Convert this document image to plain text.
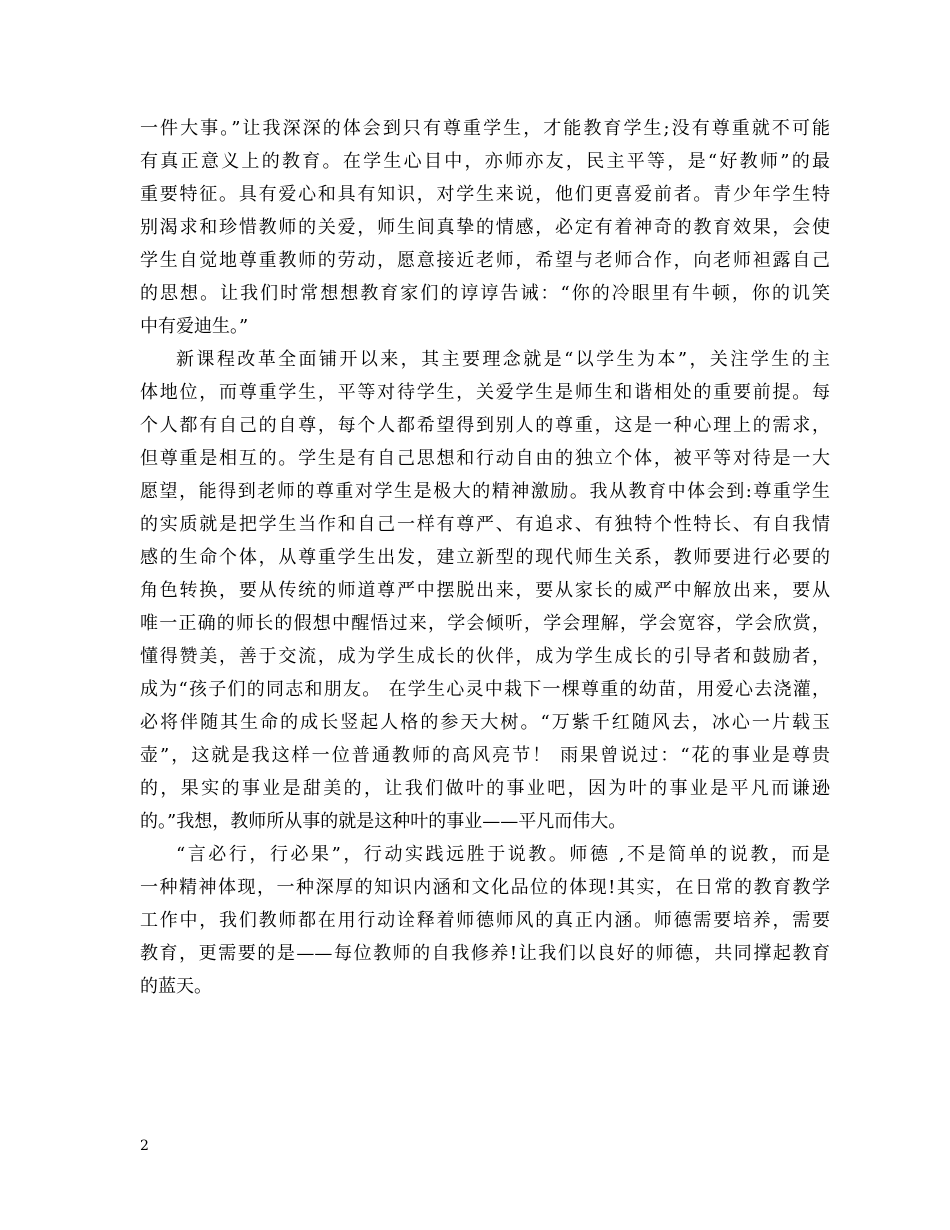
一件大事。”让我深深的体会到只有尊重学生，才能教育学生;没有尊重就不可能
有真正意义上的教育。在学生心目中，亦师亦友，民主平等，是“好教师”的最
重要特征。具有爱心和具有知识，对学生来说，他们更喜爱前者。青少年学生特
别渴求和珍惜教师的关爱，师生间真挚的情感，必定有着神奇的教育效果，会使
学生自觉地尊重教师的劳动，愿意接近老师，希望与老师合作，向老师袒露自己
的思想。让我们时常想想教育家们的谆谆告诫：“你的冷眼里有牛顿，你的讥笑
中有爱迪生。”
新课程改革全面铺开以来，其主要理念就是“以学生为本”，关注学生的主
体地位，而尊重学生，平等对待学生，关爱学生是师生和谐相处的重要前提。每
个人都有自己的自尊，每个人都希望得到别人的尊重，这是一种心理上的需求，
但尊重是相互的。学生是有自己思想和行动自由的独立个体，被平等对待是一大
愿望，能得到老师的尊重对学生是极大的精神激励。我从教育中体会到:尊重学生
的实质就是把学生当作和自己一样有尊严、有追求、有独特个性特长、有自我情
感的生命个体，从尊重学生出发，建立新型的现代师生关系，教师要进行必要的
角色转换，要从传统的师道尊严中摆脱出来，要从家长的威严中解放出来，要从
唯一正确的师长的假想中醒悟过来，学会倾听，学会理解，学会宽容，学会欣赏，
懂得赞美，善于交流，成为学生成长的伙伴，成为学生成长的引导者和鼓励者，
成为“孩子们的同志和朋友。 在学生心灵中栽下一棵尊重的幼苗，用爱心去浇灌，
必将伴随其生命的成长竖起人格的参天大树。“万紫千红随风去，冰心一片载玉
壶”，这就是我这样一位普通教师的高风亮节！ 雨果曾说过：“花的事业是尊贵
的，果实的事业是甜美的，让我们做叶的事业吧，因为叶的事业是平凡而谦逊
的。”我想，教师所从事的就是这种叶的事业——平凡而伟大。
“言必行，行必果”，行动实践远胜于说教。师德 ,不是简单的说教，而是
一种精神体现，一种深厚的知识内涵和文化品位的体现!其实，在日常的教育教学
工作中，我们教师都在用行动诠释着师德师风的真正内涵。师德需要培养，需要
教育，更需要的是——每位教师的自我修养!让我们以良好的师德，共同撑起教育
的蓝天。
2
